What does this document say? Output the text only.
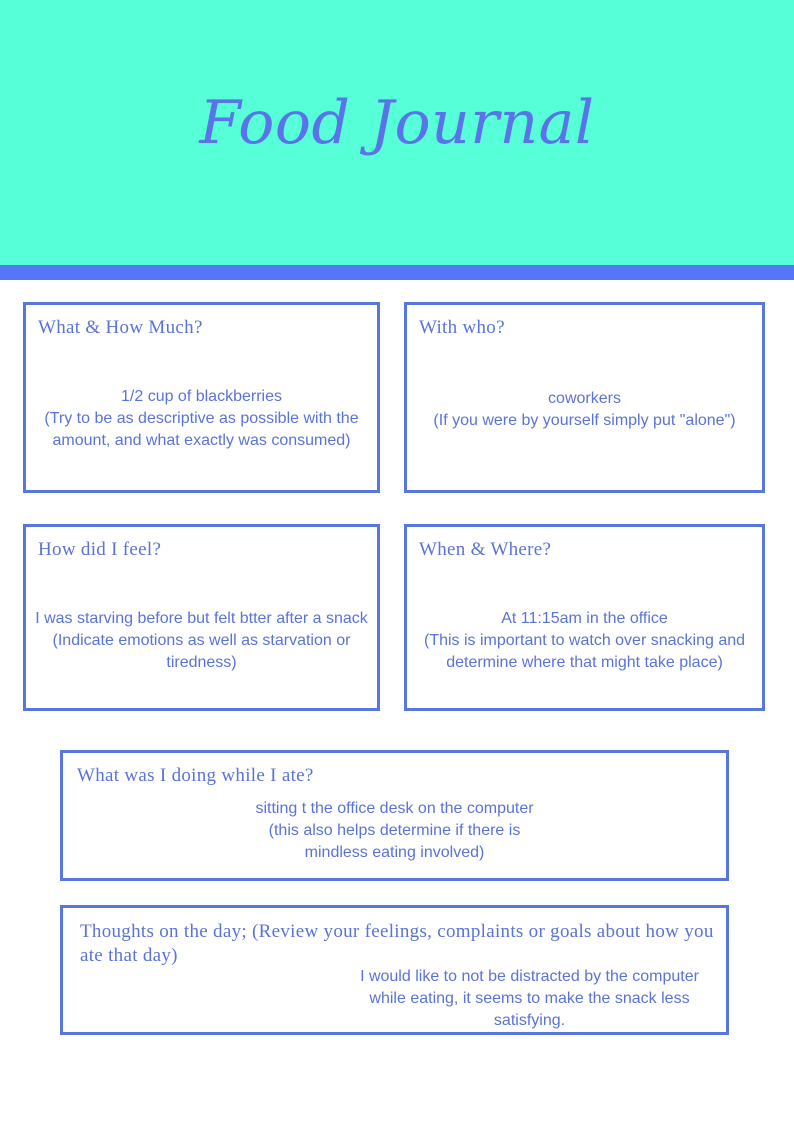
Food Journal
What & How Much?
1/2 cup of blackberries
(Try to be as descriptive as possible with the
amount, and what exactly was consumed)
With who?
coworkers
(If you were by yourself simply put "alone")
How did I feel?
I was starving before but felt btter after a snack
(Indicate emotions as well as starvation or
tiredness)
When & Where?
At 11:15am in the office
(This is important to watch over snacking and
determine where that might take place)
What was I doing while I ate?
sitting t the office desk on the computer
(this also helps determine if there is
mindless eating involved)
Thoughts on the day; (Review your feelings, complaints or goals about how you ate that day)
I would like to not be distracted by the computer
while eating, it seems to make the snack less
satisfying.
